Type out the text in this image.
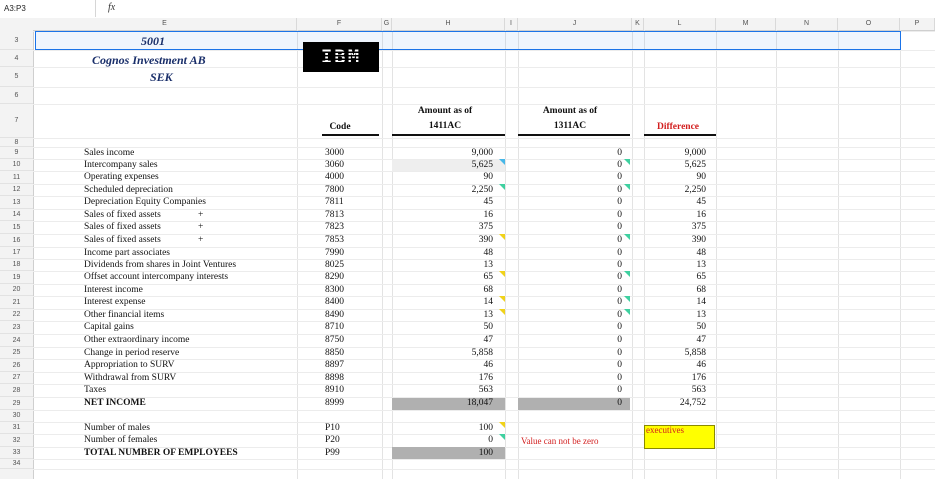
A3:P3	fx
E	F	G	H	I	J	K	L	M	N	O	P
3
4
5
6
7
8
9
10
11
12
13
14
15
16
17
18
19
20
21
22
23
24
25
26
27
28
29
30
31
32
33
34
5001
Cognos Investment AB
SEK
IBM
Code
Amount as of
1411AC
Amount as of
1311AC	Difference
Sales income	3000	9,000	0	9,000
Intercompany sales	3060	5,625	0	5,625
Operating expenses	4000	90	0	90
Scheduled depreciation	7800	2,250	0	2,250
Depreciation Equity Companies	7811	45	0	45
Sales of fixed assets	+	7813	16	0	16
Sales of fixed assets	+	7823	375	0	375
Sales of fixed assets	+	7853	390	0	390
Income part associates	7990	48	0	48
Dividends from shares in Joint Ventures	8025	13	0	13
Offset account intercompany interests	8290	65	0	65
Interest income	8300	68	0	68
Interest expense	8400	14	0	14
Other financial items	8490	13	0	13
Capital gains	8710	50	0	50
Other extraordinary income	8750	47	0	47
Change in period reserve	8850	5,858	0	5,858
Appropriation to SURV	8897	46	0	46
Withdrawal from SURV	8898	176	0	176
Taxes	8910	563	0	563
NET INCOME	8999	18,047	0	24,752
Number of males	P10	100
Number of females	P20	0
TOTAL NUMBER OF EMPLOYEES	P99	100
Value can not be zero
executives
